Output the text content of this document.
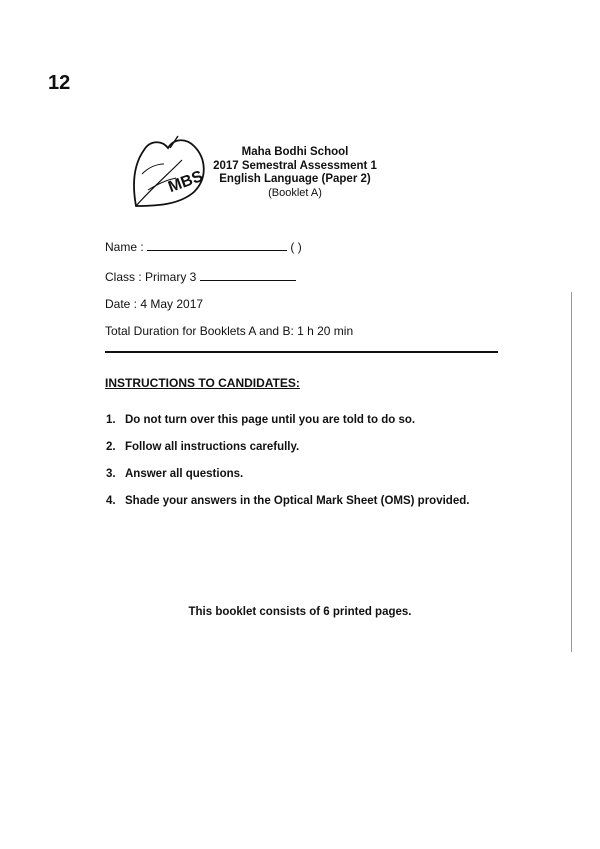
12
MBS
Maha Bodhi School
2017 Semestral Assessment 1
English Language (Paper 2)
(Booklet A)
Name :	( )
Class : Primary 3
Date : 4 May 2017
Total Duration for Booklets A and B: 1 h 20 min
INSTRUCTIONS TO CANDIDATES:
1. Do not turn over this page until you are told to do so.
2. Follow all instructions carefully.
3. Answer all questions.
4. Shade your answers in the Optical Mark Sheet (OMS) provided.
This booklet consists of 6 printed pages.
